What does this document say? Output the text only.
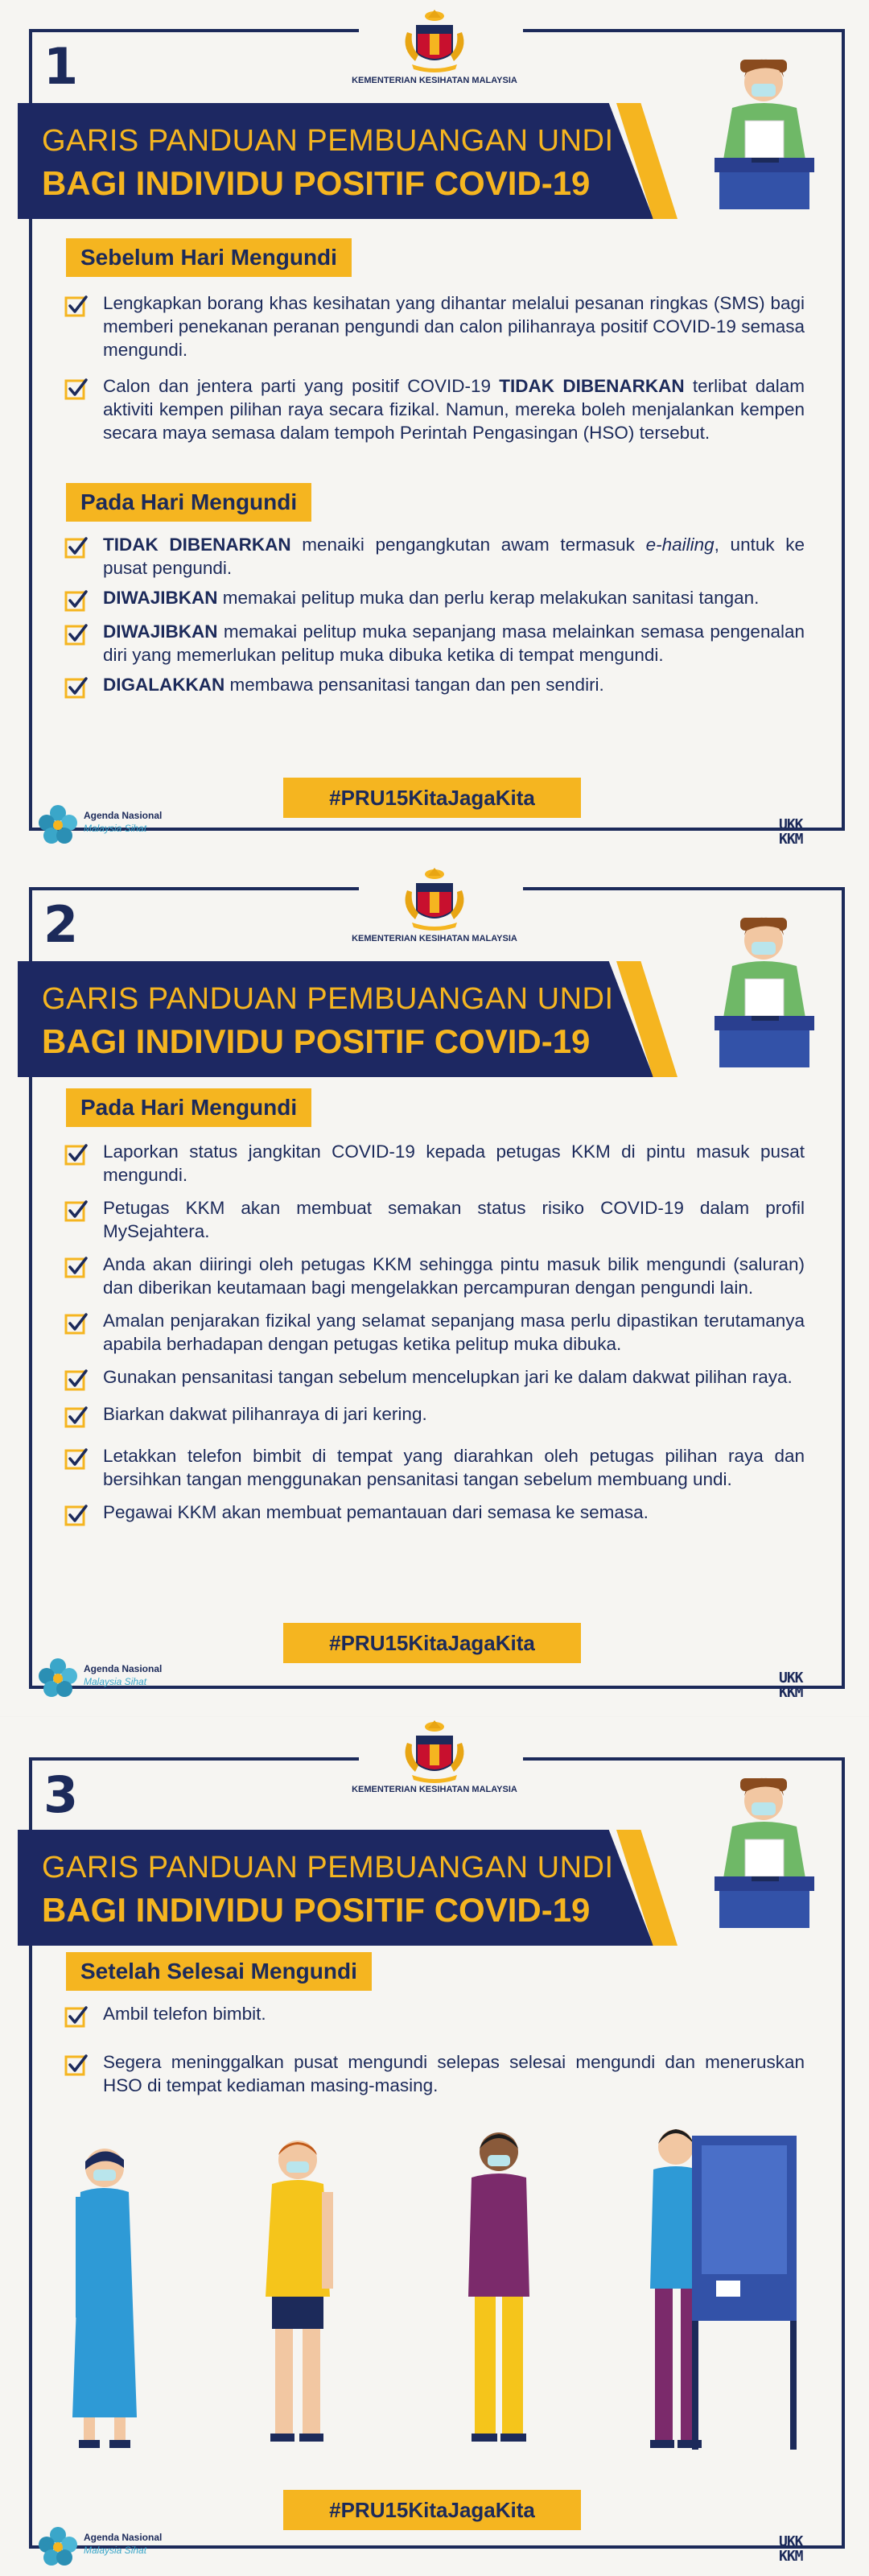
1	KEMENTERIAN KESIHATAN MALAYSIA
GARIS PANDUAN PEMBUANGAN UNDI
BAGI INDIVIDU POSITIF COVID-19
Sebelum Hari Mengundi
Lengkapkan borang khas kesihatan yang dihantar melalui pesanan ringkas (SMS) bagi memberi penekanan peranan pengundi dan calon pilihanraya positif COVID-19 semasa mengundi.
Calon dan jentera parti yang positif COVID-19 TIDAK DIBENARKAN terlibat dalam aktiviti kempen pilihan raya secara fizikal. Namun, mereka boleh menjalankan kempen secara maya semasa dalam tempoh Perintah Pengasingan (HSO) tersebut.
Pada Hari Mengundi
TIDAK DIBENARKAN menaiki pengangkutan awam termasuk e-hailing, untuk ke pusat pengundi.
DIWAJIBKAN memakai pelitup muka dan perlu kerap melakukan sanitasi tangan.
DIWAJIBKAN memakai pelitup muka sepanjang masa melainkan semasa pengenalan diri yang memerlukan pelitup muka dibuka ketika di tempat mengundi.
DIGALAKKAN membawa pensanitasi tangan dan pen sendiri.
#PRU15KitaJagaKita
Agenda Nasional
Malaysia Sihat	UKK
KKM
2	KEMENTERIAN KESIHATAN MALAYSIA
GARIS PANDUAN PEMBUANGAN UNDI
BAGI INDIVIDU POSITIF COVID-19
Pada Hari Mengundi
Laporkan status jangkitan COVID-19 kepada petugas KKM di pintu masuk pusat mengundi.
Petugas KKM akan membuat semakan status risiko COVID-19 dalam profil MySejahtera.
Anda akan diiringi oleh petugas KKM sehingga pintu masuk bilik mengundi (saluran) dan diberikan keutamaan bagi mengelakkan percampuran dengan pengundi lain.
Amalan penjarakan fizikal yang selamat sepanjang masa perlu dipastikan terutamanya apabila berhadapan dengan petugas ketika pelitup muka dibuka.
Gunakan pensanitasi tangan sebelum mencelupkan jari ke dalam dakwat pilihan raya.
Biarkan dakwat pilihanraya di jari kering.
Letakkan telefon bimbit di tempat yang diarahkan oleh petugas pilihan raya dan bersihkan tangan menggunakan pensanitasi tangan sebelum membuang undi.
Pegawai KKM akan membuat pemantauan dari semasa ke semasa.
#PRU15KitaJagaKita
Agenda Nasional
Malaysia Sihat	UKK
KKM
3	KEMENTERIAN KESIHATAN MALAYSIA
GARIS PANDUAN PEMBUANGAN UNDI
BAGI INDIVIDU POSITIF COVID-19
Setelah Selesai Mengundi
Ambil telefon bimbit.
Segera meninggalkan pusat mengundi selepas selesai mengundi dan meneruskan HSO di tempat kediaman masing-masing.
#PRU15KitaJagaKita
Agenda Nasional
Malaysia Sihat	UKK
KKM
